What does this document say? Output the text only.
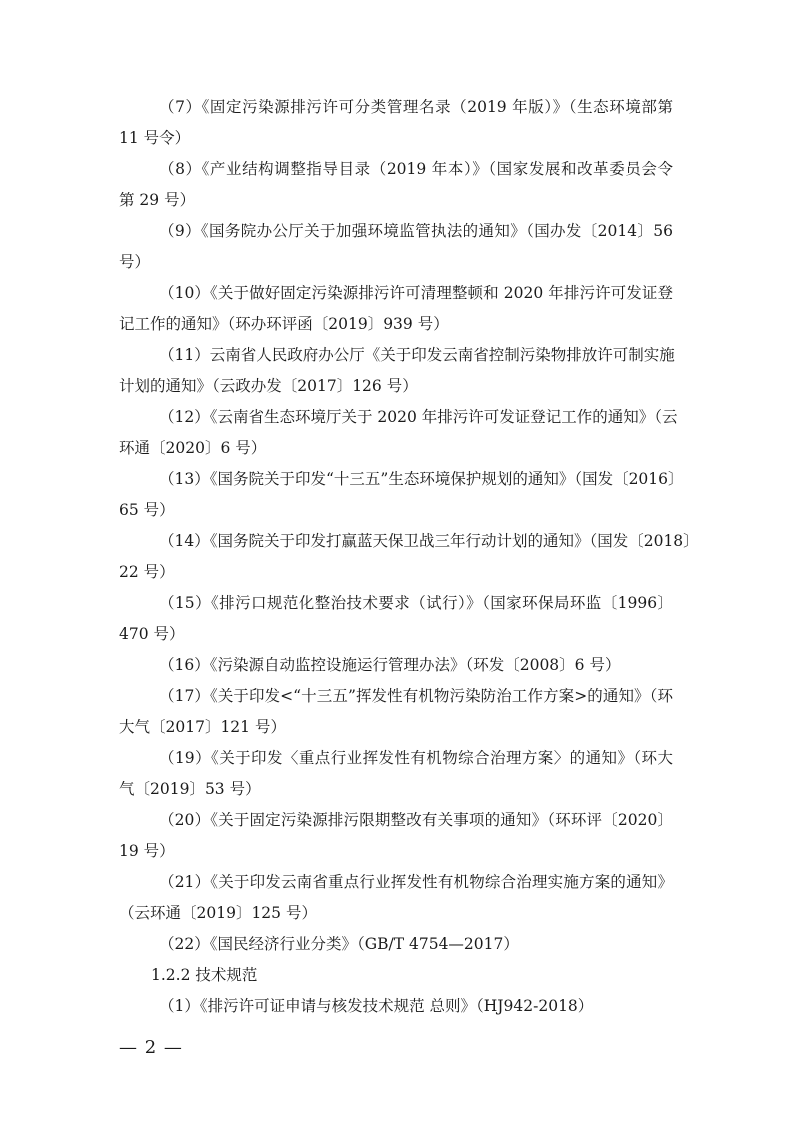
（7）《固定污染源排污许可分类管理名录（2019 年版）》（生态环境部第
11 号令）
（8）《产业结构调整指导目录（2019 年本）》（国家发展和改革委员会令
第 29 号）
（9）《国务院办公厅关于加强环境监管执法的通知》（国办发〔2014〕56
号）
（10）《关于做好固定污染源排污许可清理整顿和 2020 年排污许可发证登
记工作的通知》（环办环评函〔2019〕939 号）
（11）云南省人民政府办公厅《关于印发云南省控制污染物排放许可制实施
计划的通知》（云政办发〔2017〕126 号）
（12）《云南省生态环境厅关于 2020 年排污许可发证登记工作的通知》（云
环通〔2020〕6 号）
（13）《国务院关于印发“十三五”生态环境保护规划的通知》（国发〔2016〕
65 号）
（14）《国务院关于印发打赢蓝天保卫战三年行动计划的通知》（国发〔2018〕
22 号）
（15）《排污口规范化整治技术要求（试行）》（国家环保局环监〔1996〕
470 号）
（16）《污染源自动监控设施运行管理办法》（环发〔2008〕6 号）
（17）《关于印发<“十三五”挥发性有机物污染防治工作方案>的通知》（环
大气〔2017〕121 号）
（19）《关于印发〈重点行业挥发性有机物综合治理方案〉的通知》（环大
气〔2019〕53 号）
（20）《关于固定污染源排污限期整改有关事项的通知》（环环评〔2020〕
19 号）
（21）《关于印发云南省重点行业挥发性有机物综合治理实施方案的通知》
（云环通〔2019〕125 号）
（22）《国民经济行业分类》（GB/T 4754—2017）
1.2.2 技术规范
（1）《排污许可证申请与核发技术规范 总则》（HJ942-2018）
— 2 —
